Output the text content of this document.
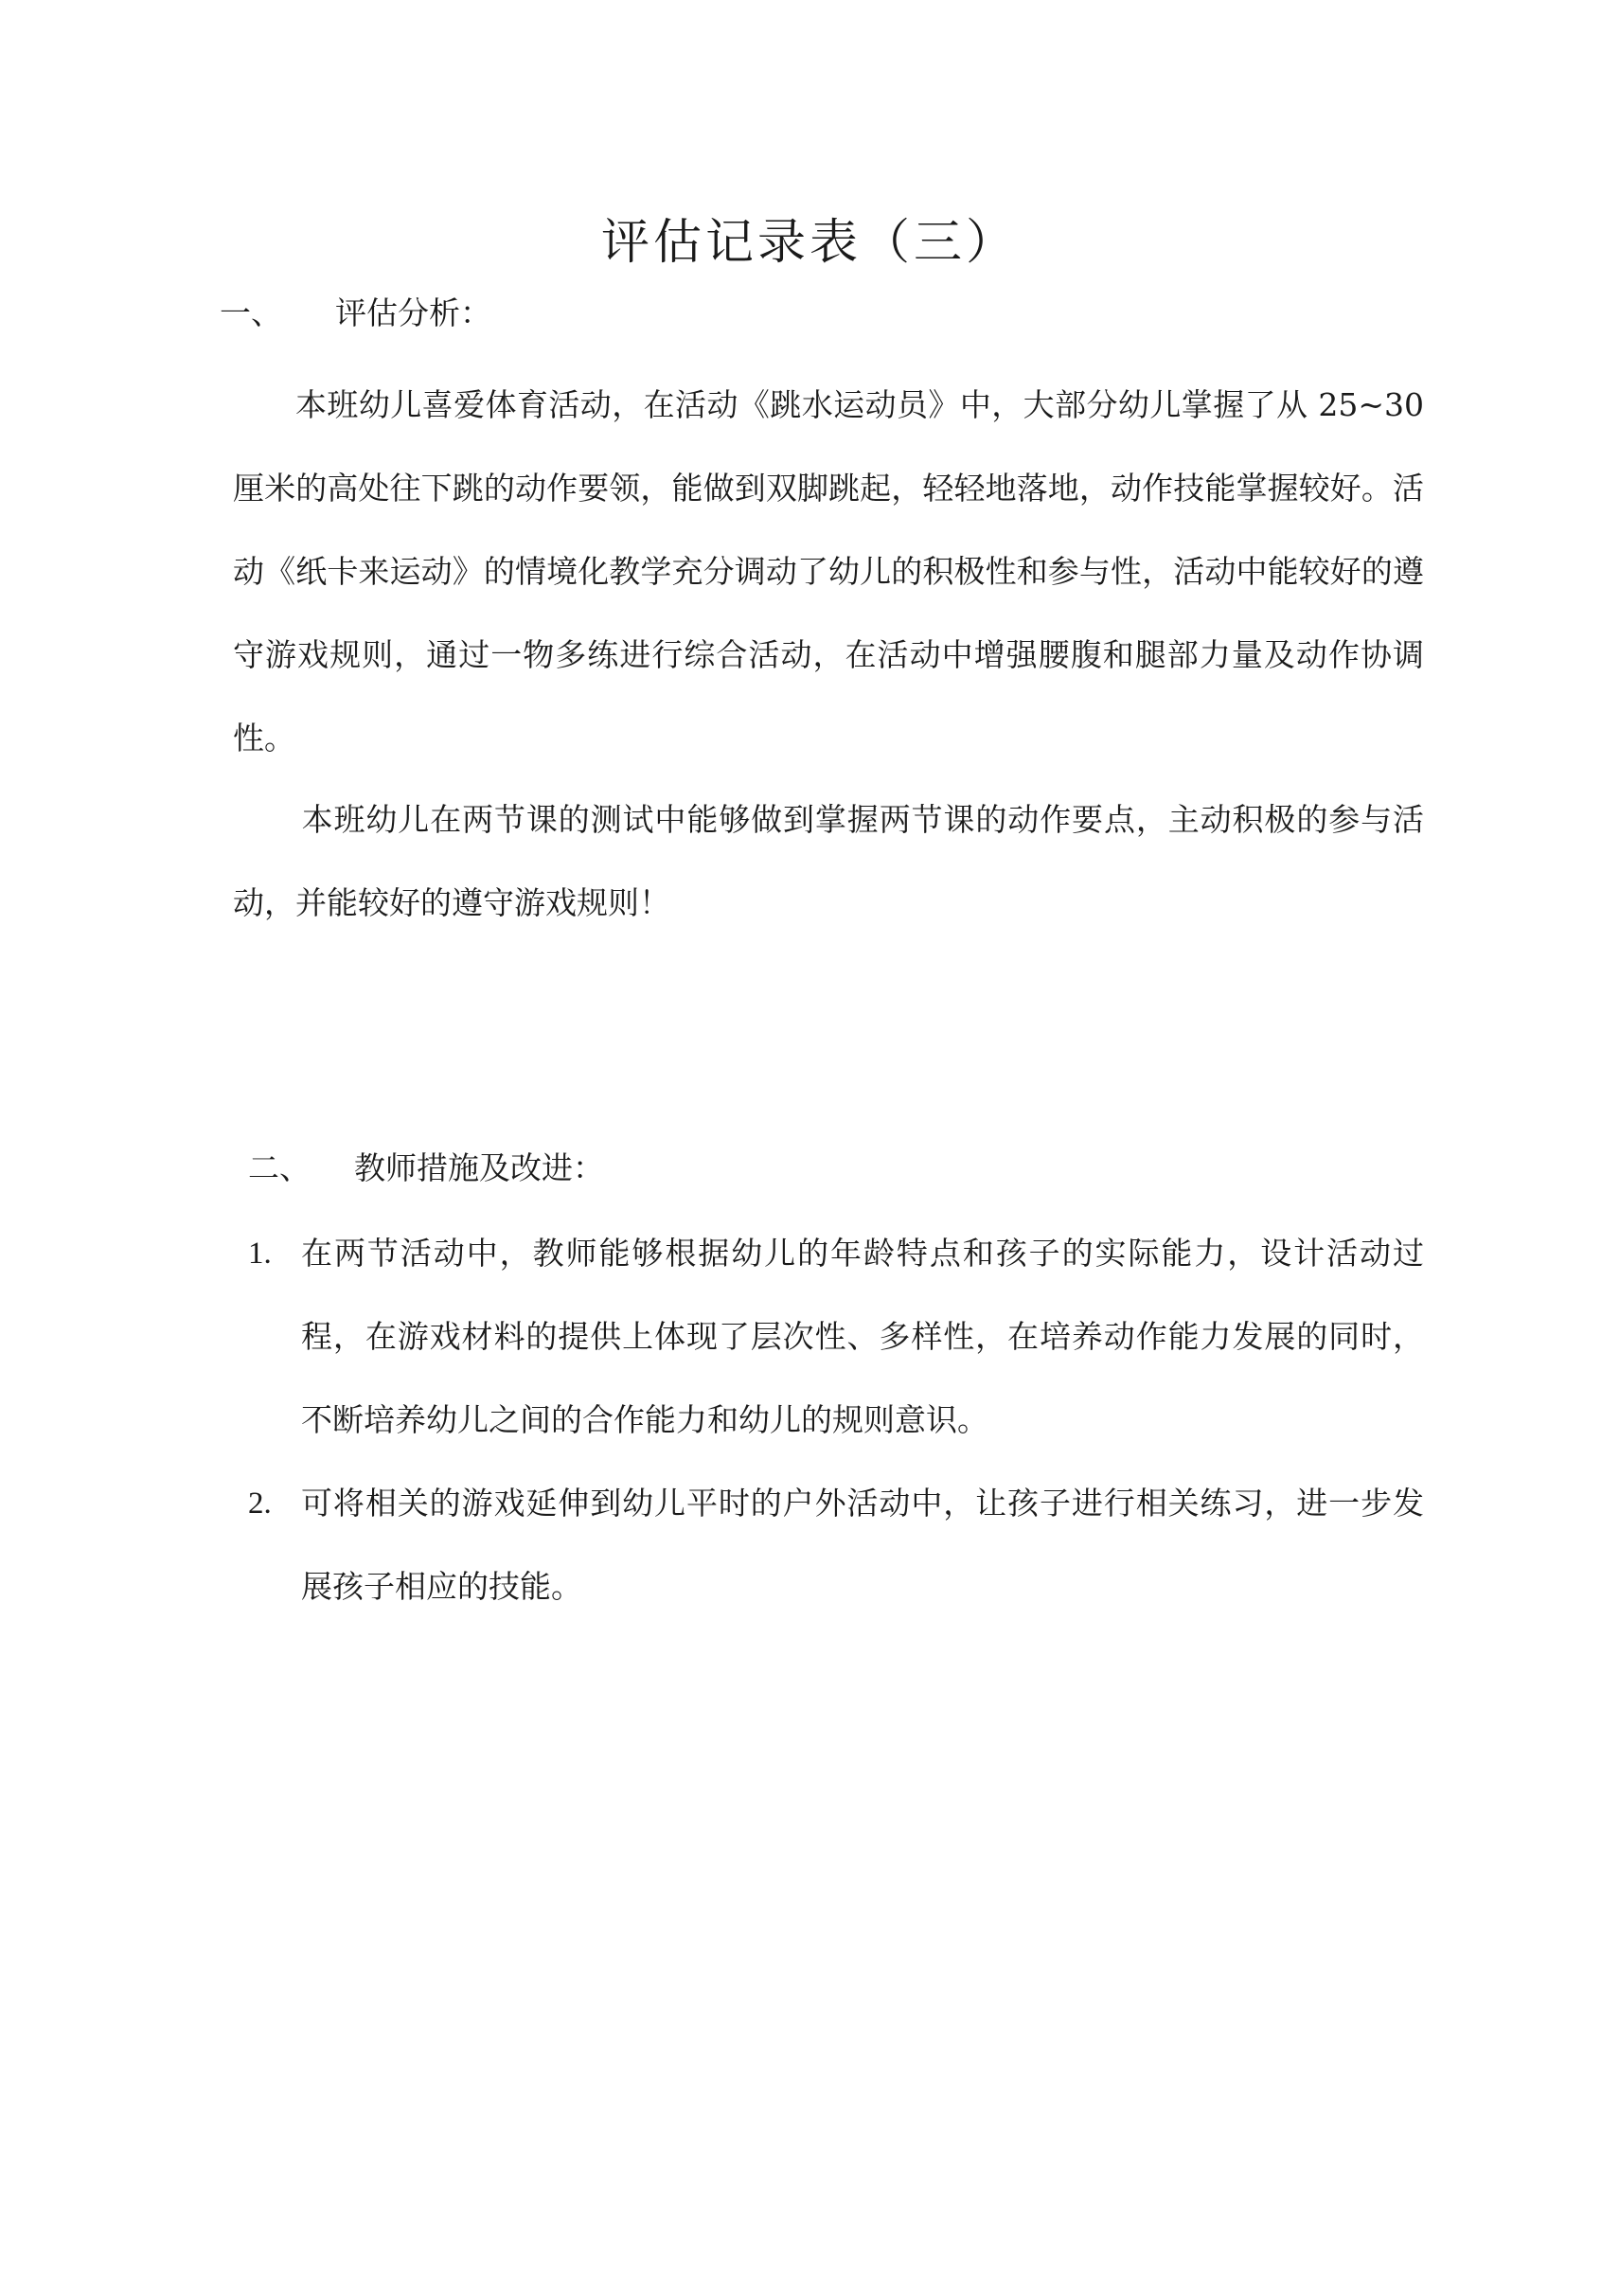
评估记录表（三）
一、 评估分析：

本班幼儿喜爱体育活动，在活动《跳水运动员》中，大部分幼儿掌握了从 25~30 厘米的高处往下跳的动作要领，能做到双脚跳起，轻轻地落地，动作技能掌握较好。活动《纸卡来运动》的情境化教学充分调动了幼儿的积极性和参与性，活动中能较好的遵守游戏规则，通过一物多练进行综合活动，在活动中增强腰腹和腿部力量及动作协调性。

本班幼儿在两节课的测试中能够做到掌握两节课的动作要点，主动积极的参与活动，并能较好的遵守游戏规则！

二、 教师措施及改进：
1. 在两节活动中，教师能够根据幼儿的年龄特点和孩子的实际能力，设计活动过程，在游戏材料的提供上体现了层次性、多样性，在培养动作能力发展的同时，不断培养幼儿之间的合作能力和幼儿的规则意识。
2. 可将相关的游戏延伸到幼儿平时的户外活动中，让孩子进行相关练习，进一步发展孩子相应的技能。
